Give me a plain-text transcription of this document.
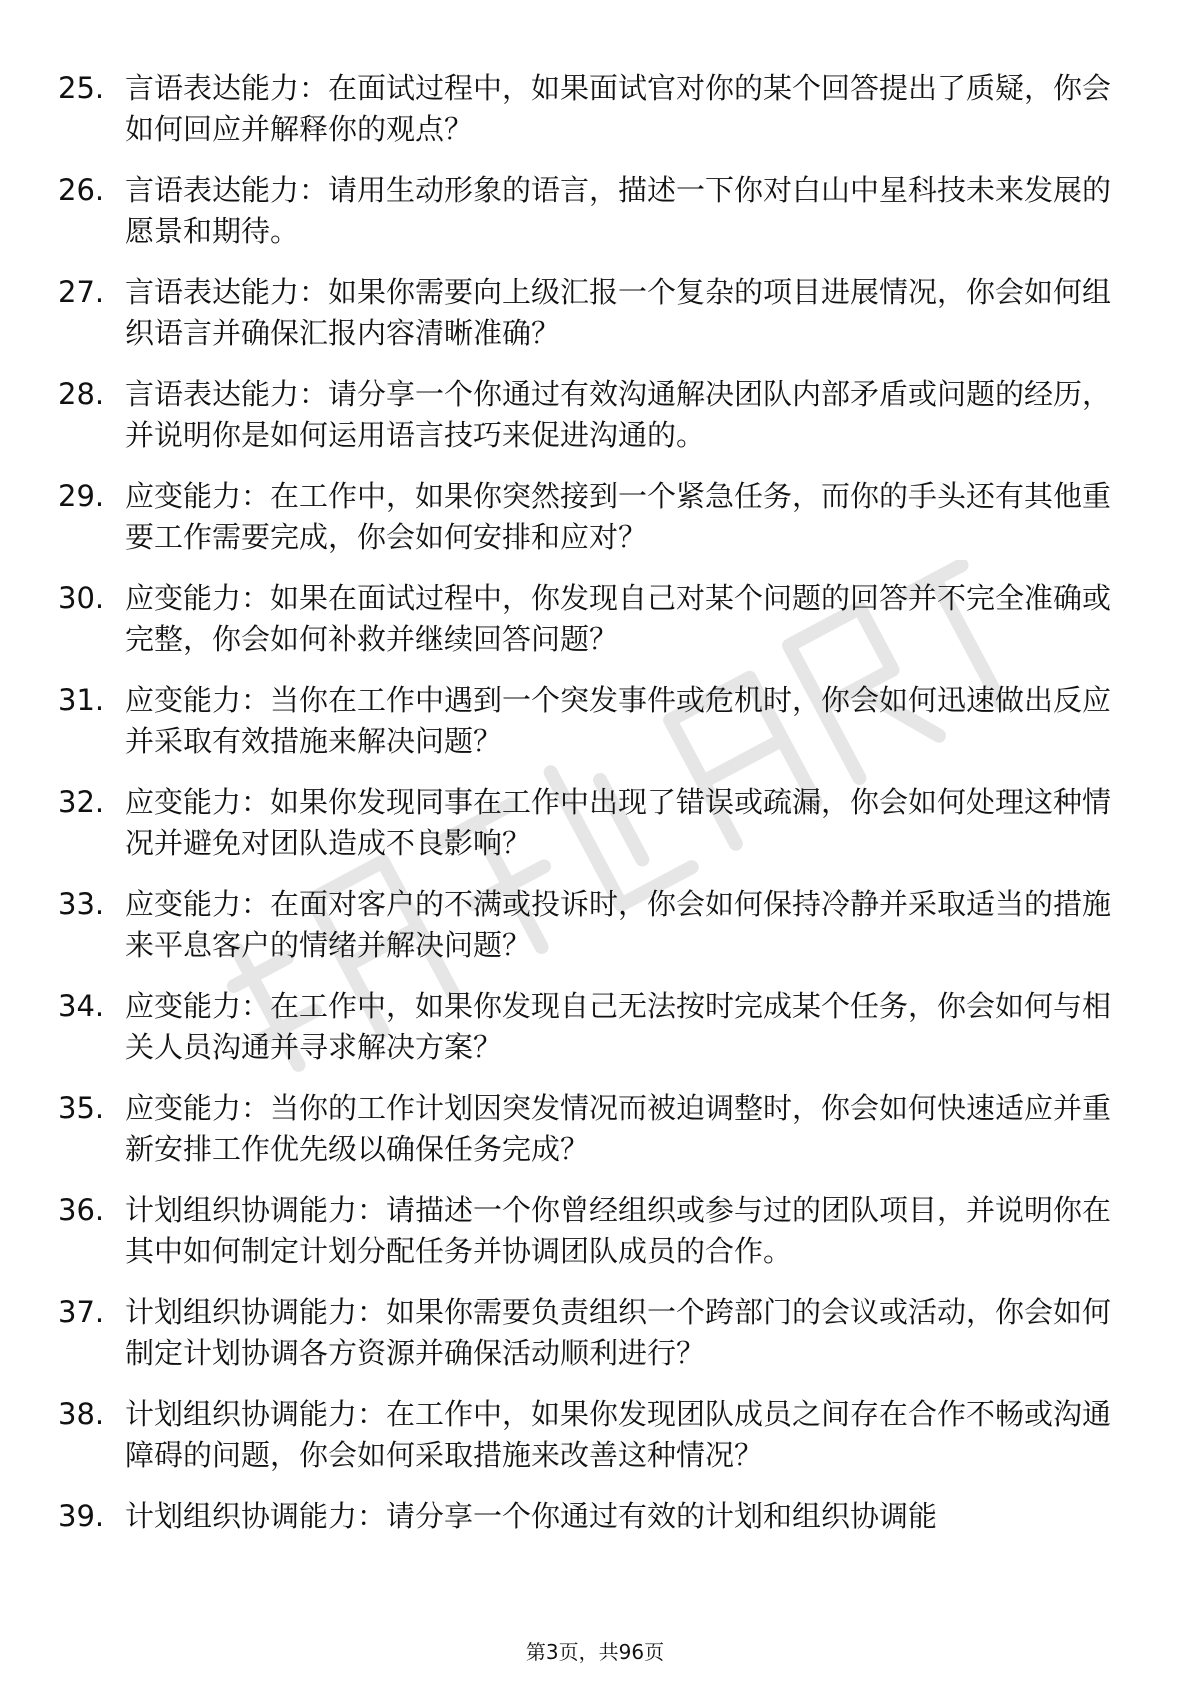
25. 言语表达能力：在面试过程中，如果面试官对你的某个回答提出了质疑，你会如何回应并解释你的观点？
26. 言语表达能力：请用生动形象的语言，描述一下你对白山中星科技未来发展的愿景和期待。
27. 言语表达能力：如果你需要向上级汇报一个复杂的项目进展情况，你会如何组织语言并确保汇报内容清晰准确？
28. 言语表达能力：请分享一个你通过有效沟通解决团队内部矛盾或问题的经历，并说明你是如何运用语言技巧来促进沟通的。
29. 应变能力：在工作中，如果你突然接到一个紧急任务，而你的手头还有其他重要工作需要完成，你会如何安排和应对？
30. 应变能力：如果在面试过程中，你发现自己对某个问题的回答并不完全准确或完整，你会如何补救并继续回答问题？
31. 应变能力：当你在工作中遇到一个突发事件或危机时，你会如何迅速做出反应并采取有效措施来解决问题？
32. 应变能力：如果你发现同事在工作中出现了错误或疏漏，你会如何处理这种情况并避免对团队造成不良影响？
33. 应变能力：在面对客户的不满或投诉时，你会如何保持冷静并采取适当的措施来平息客户的情绪并解决问题？
34. 应变能力：在工作中，如果你发现自己无法按时完成某个任务，你会如何与相关人员沟通并寻求解决方案？
35. 应变能力：当你的工作计划因突发情况而被迫调整时，你会如何快速适应并重新安排工作优先级以确保任务完成？
36. 计划组织协调能力：请描述一个你曾经组织或参与过的团队项目，并说明你在其中如何制定计划分配任务并协调团队成员的合作。
37. 计划组织协调能力：如果你需要负责组织一个跨部门的会议或活动，你会如何制定计划协调各方资源并确保活动顺利进行？
38. 计划组织协调能力：在工作中，如果你发现团队成员之间存在合作不畅或沟通障碍的问题，你会如何采取措施来改善这种情况？
39. 计划组织协调能力：请分享一个你通过有效的计划和组织协调能
第3页，共96页
